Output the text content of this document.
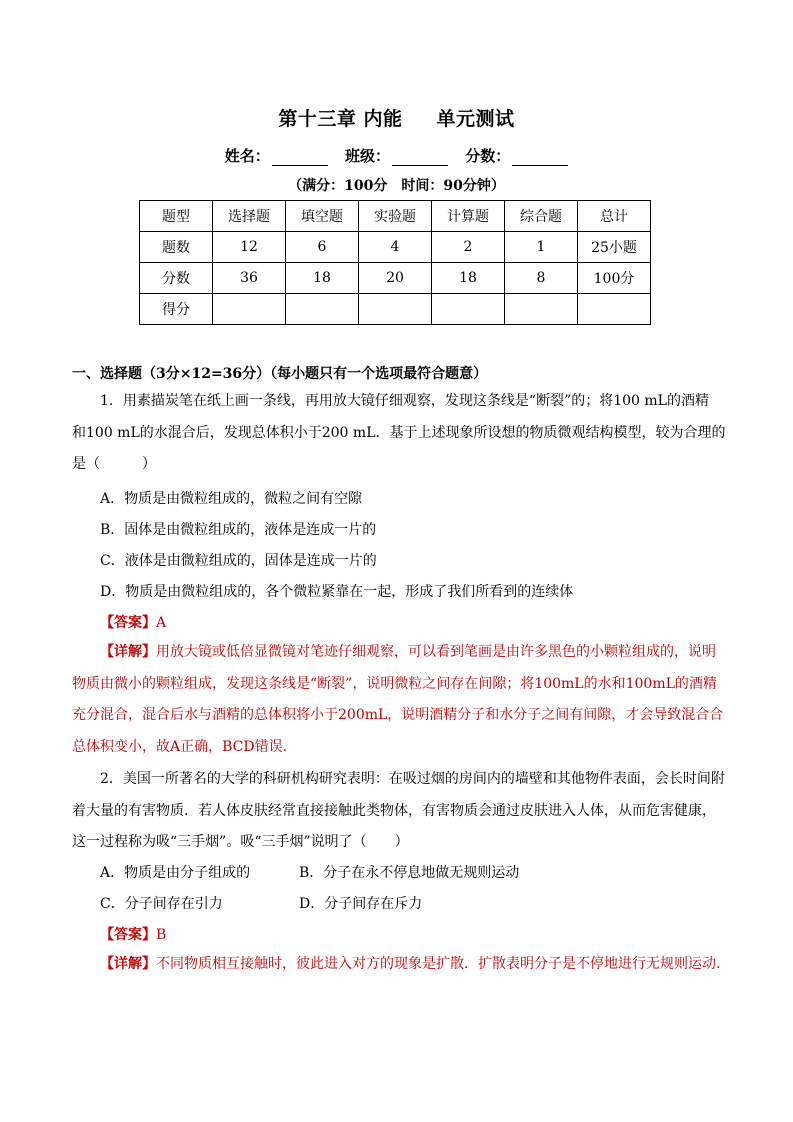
第十三章 内能 单元测试
姓名：	班级：	分数：
（满分：100分 时间：90分钟）
题型	选择题	填空题	实验题	计算题	综合题	总计
题数	12	6	4	2	1	25小题
分数	36	18	20	18	8	100分
得分						
一、选择题（3分×12=36分）（每小题只有一个选项最符合题意）
1．用素描炭笔在纸上画一条线，再用放大镜仔细观察，发现这条线是“断裂”的；将100 mL的酒精
和100 mL的水混合后，发现总体积小于200 mL．基于上述现象所设想的物质微观结构模型，较为合理的
是（　　　）
A．物质是由微粒组成的，微粒之间有空隙
B．固体是由微粒组成的，液体是连成一片的
C．液体是由微粒组成的，固体是连成一片的
D．物质是由微粒组成的，各个微粒紧靠在一起，形成了我们所看到的连续体
【答案】A
【详解】用放大镜或低倍显微镜对笔迹仔细观察，可以看到笔画是由许多黑色的小颗粒组成的，说明
物质由微小的颗粒组成，发现这条线是“断裂”，说明微粒之间存在间隙；将100mL的水和100mL的酒精
充分混合，混合后水与酒精的总体积将小于200mL，说明酒精分子和水分子之间有间隙，才会导致混合合
总体积变小，故A正确，BCD错误．
2．美国一所著名的大学的科研机构研究表明：在吸过烟的房间内的墙壁和其他物件表面，会长时间附
着大量的有害物质．若人体皮肤经常直接接触此类物体，有害物质会通过皮肤进入人体，从而危害健康，
这一过程称为吸“三手烟”。吸“三手烟”说明了（　　）
A．物质是由分子组成的	B．分子在永不停息地做无规则运动
C．分子间存在引力	D．分子间存在斥力
【答案】B
【详解】不同物质相互接触时，彼此进入对方的现象是扩散．扩散表明分子是不停地进行无规则运动.
